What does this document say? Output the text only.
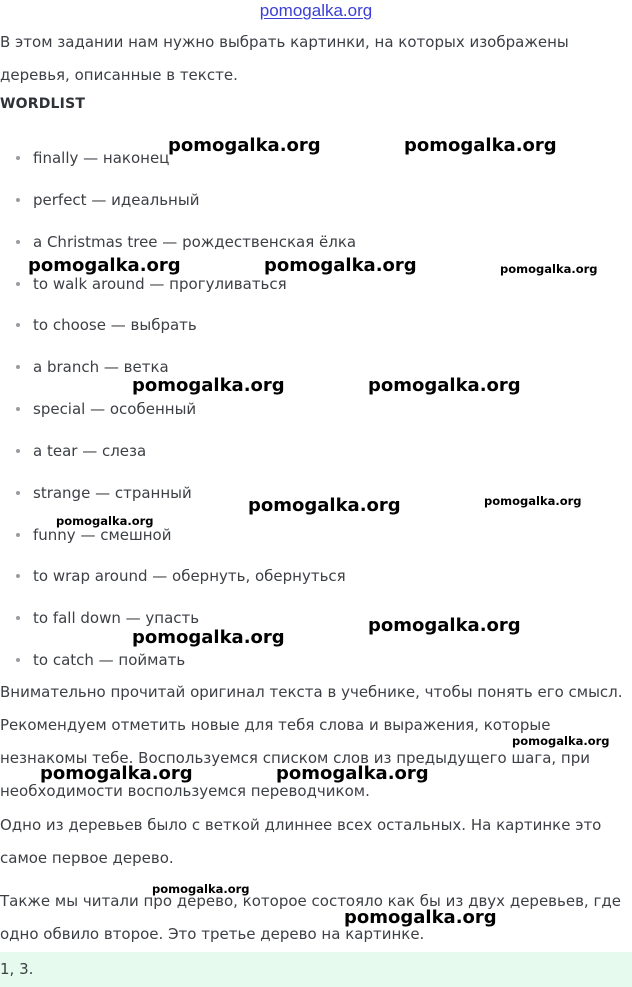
pomogalka.org

В этом задании нам нужно выбрать картинки, на которых изображены деревья, описанные в тексте.

WORDLIST
finally — наконец
perfect — идеальный
a Christmas tree — рождественская ёлка
to walk around — прогуливаться
to choose — выбрать
a branch — ветка
special — особенный
a tear — слеза
strange — странный
funny — смешной
to wrap around — обернуть, обернуться
to fall down — упасть
to catch — поймать

Внимательно прочитай оригинал текста в учебнике, чтобы понять его смысл.

Рекомендуем отметить новые для тебя слова и выражения, которые незнакомы тебе. Воспользуемся списком слов из предыдущего шага, при необходимости воспользуемся переводчиком.

Одно из деревьев было с веткой длиннее всех остальных. На картинке это самое первое дерево.

Также мы читали про дерево, которое состояло как бы из двух деревьев, где одно обвило второе. Это третье дерево на картинке.

1, 3.
pomogalka.org	pomogalka.org
pomogalka.org	pomogalka.org	pomogalka.org
pomogalka.org	pomogalka.org
pomogalka.org	pomogalka.org
pomogalka.org
pomogalka.org
pomogalka.org
pomogalka.org
pomogalka.org	pomogalka.org
pomogalka.org
pomogalka.org
